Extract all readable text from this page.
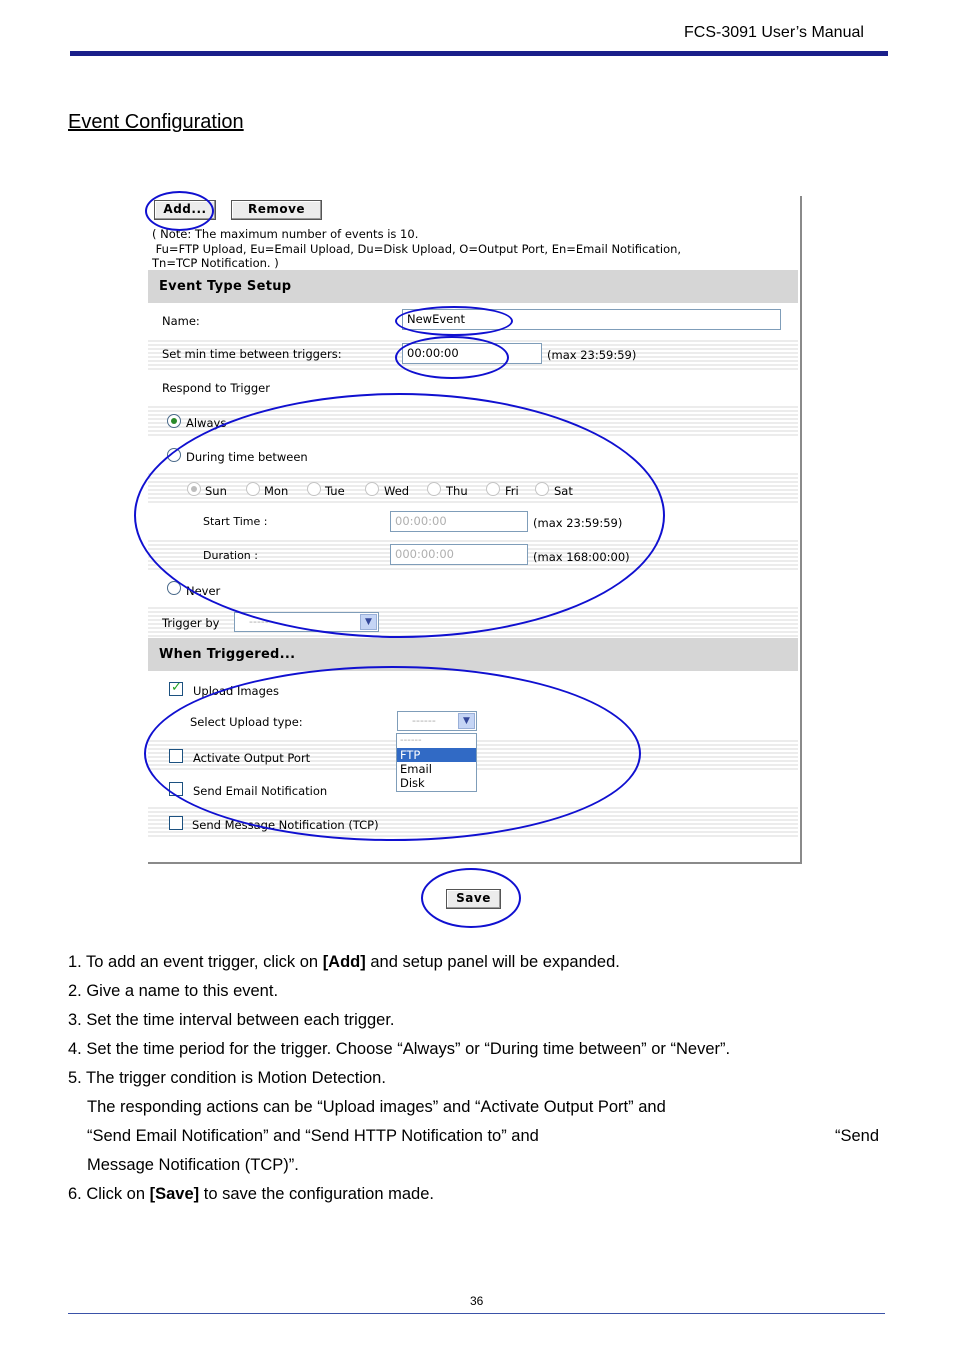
FCS-3091 User’s Manual
Event Configuration
Add...	Remove
( Note: The maximum number of events is 10.
Fu=FTP Upload, Eu=Email Upload, Du=Disk Upload, O=Output Port, En=Email Notification,
Tn=TCP Notification. )
Event Type Setup
Name:	NewEvent
Set min time between triggers:	00:00:00	(max 23:59:59)
Respond to Trigger
Always
During time between
Sun	Mon	Tue	Wed	Thu	Fri	Sat
Start Time :	00:00:00	(max 23:59:59)
Duration :	000:00:00	(max 168:00:00)
Never
Trigger by	------	▼
When Triggered...
✓
Upload Images
Select Upload type:	------	▼
Activate Output Port
Send Email Notification
Send Message Notification (TCP)
------
FTP
Email
Disk
Save
1. To add an event trigger, click on [Add] and setup panel will be expanded.
2. Give a name to this event.
3. Set the time interval between each trigger.
4. Set the time period for the trigger. Choose “Always” or “During time between” or “Never”.
5. The trigger condition is Motion Detection.
The responding actions can be “Upload images” and “Activate Output Port” and
“Send Email Notification” and “Send HTTP Notification to” and	“Send
Message Notification (TCP)”.
6. Click on [Save] to save the configuration made.
36
